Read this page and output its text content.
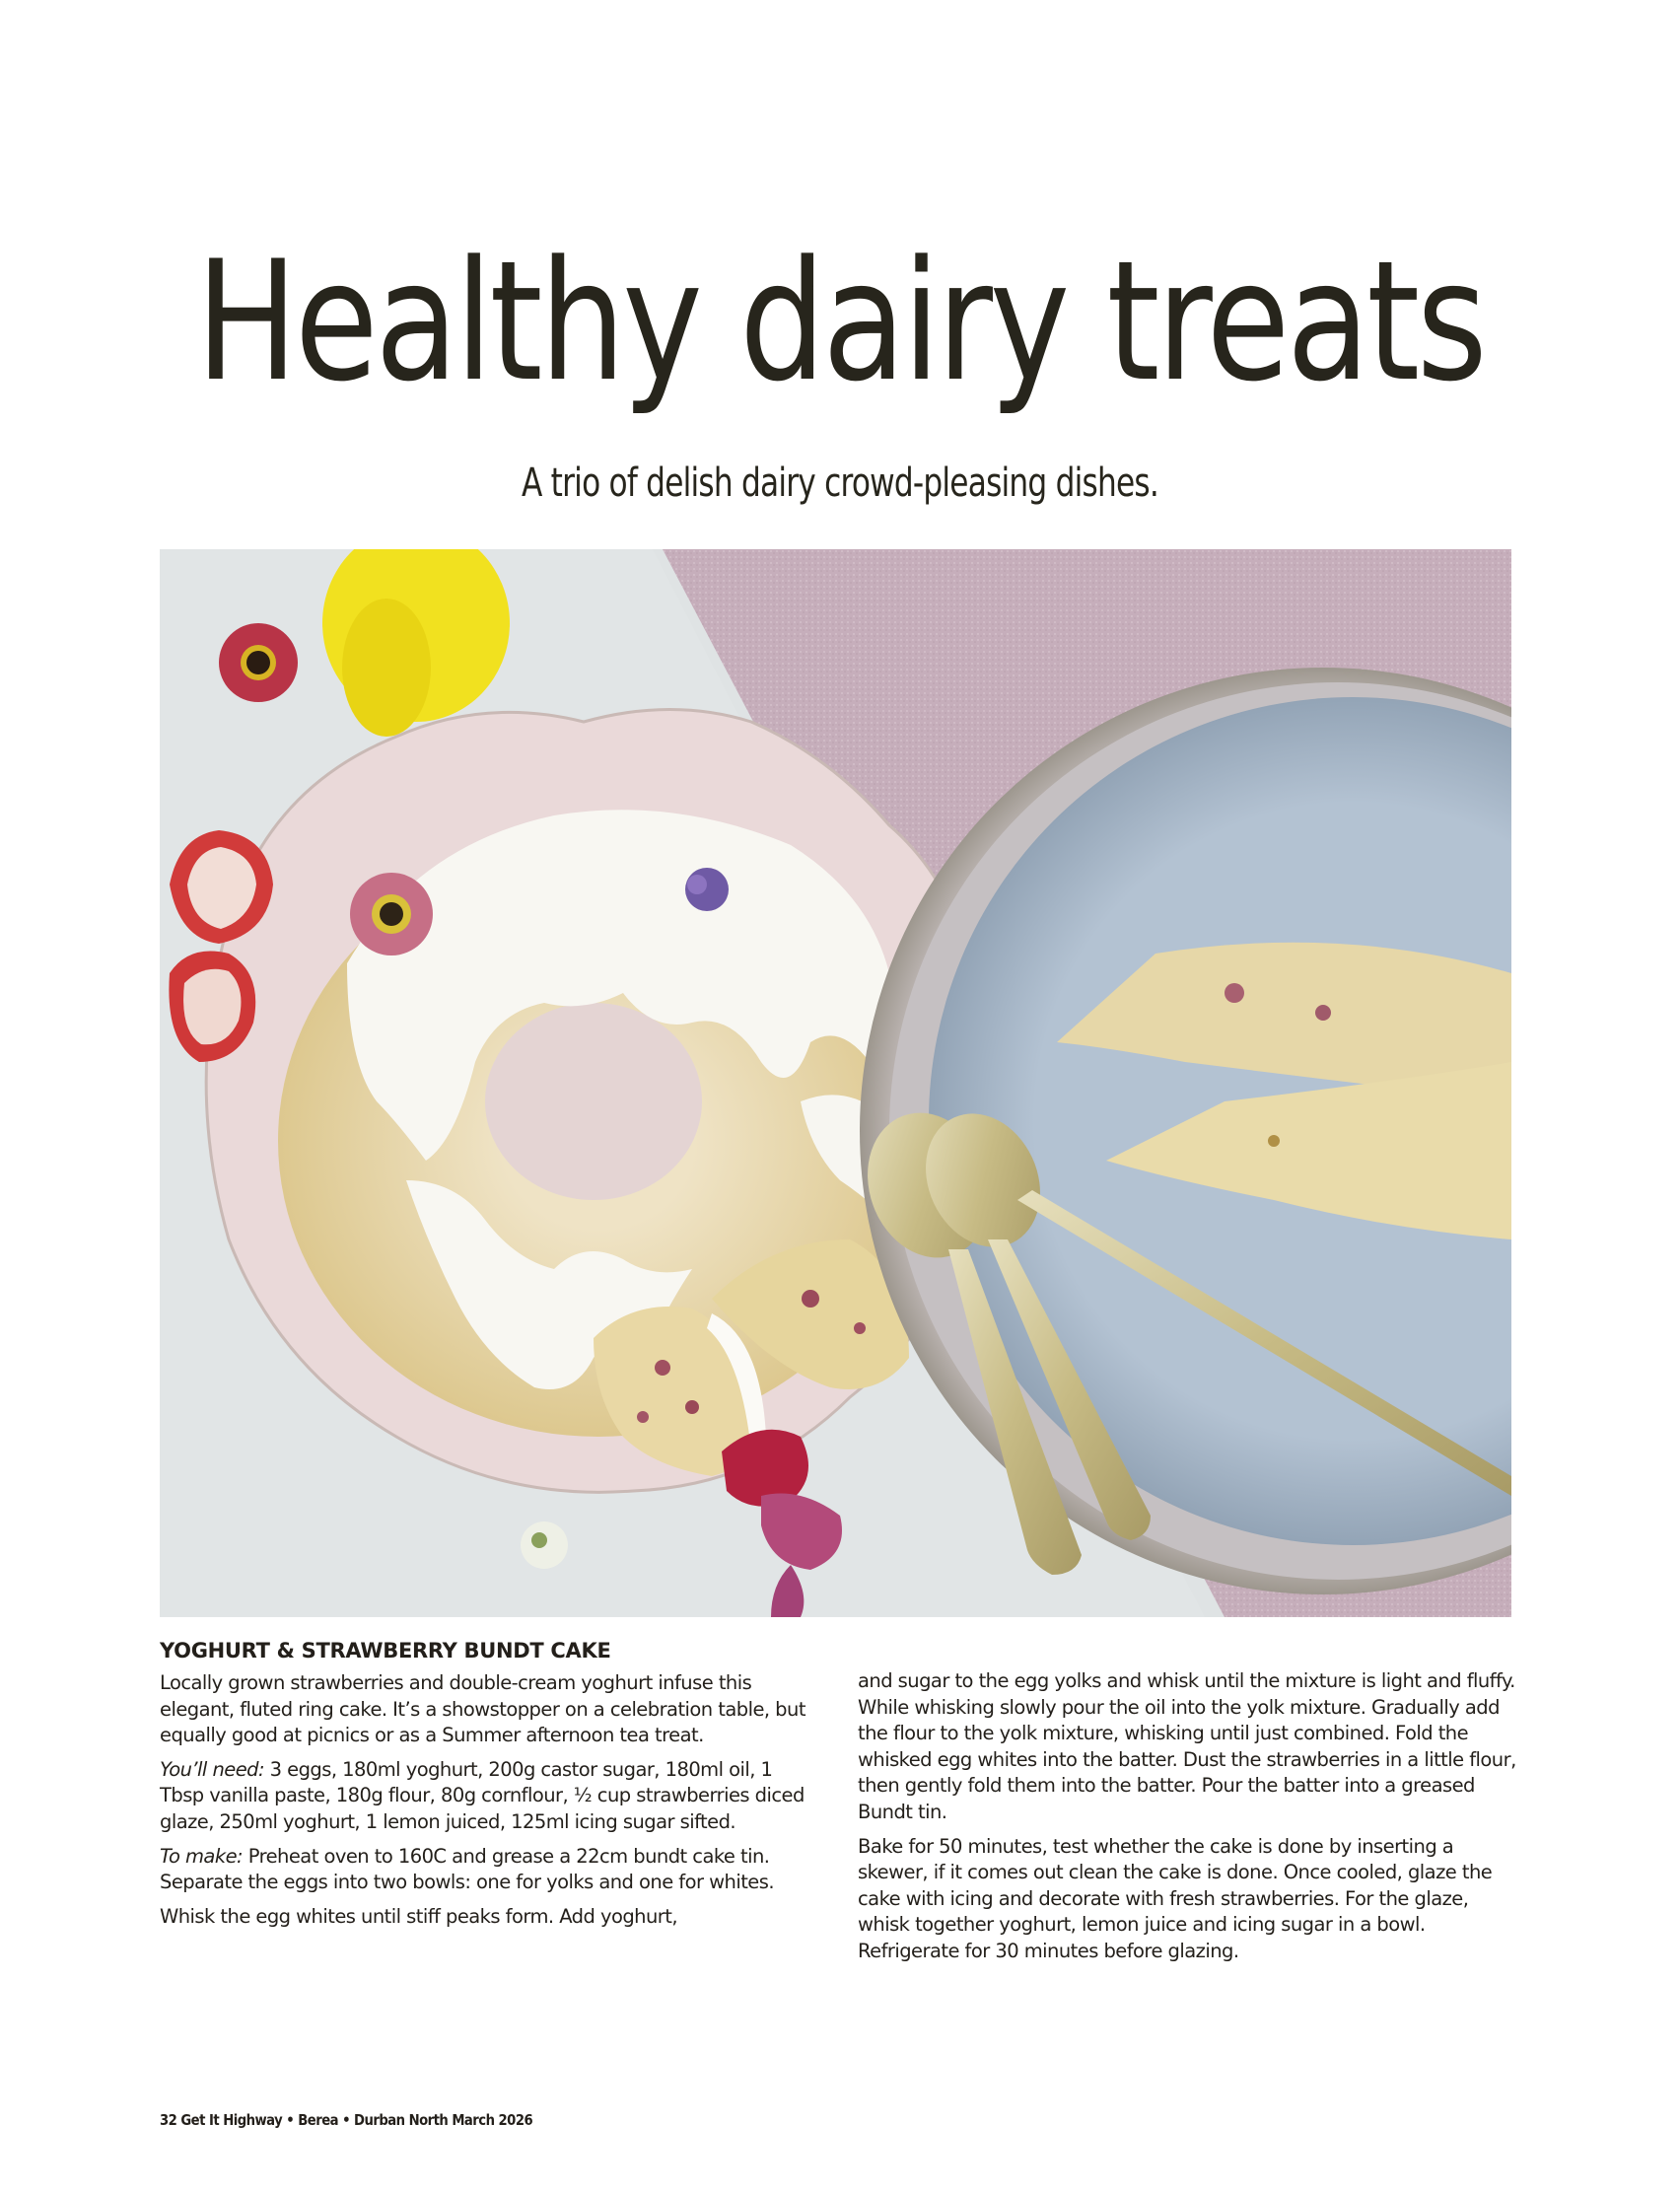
Healthy dairy treats
A trio of delish dairy crowd-pleasing dishes.
YOGHURT & STRAWBERRY BUNDT CAKE

Locally grown strawberries and double-cream yoghurt infuse this elegant, fluted ring cake. It’s a showstopper on a celebration table, but equally good at picnics or as a Summer afternoon tea treat.

You’ll need: 3 eggs, 180ml yoghurt, 200g castor sugar, 180ml oil, 1 Tbsp vanilla paste, 180g flour, 80g cornflour, ½ cup strawberries diced glaze, 250ml yoghurt, 1 lemon juiced, 125ml icing sugar sifted.

To make: Preheat oven to 160C and grease a 22cm bundt cake tin. Separate the eggs into two bowls: one for yolks and one for whites.

Whisk the egg whites until stiff peaks form. Add yoghurt,

and sugar to the egg yolks and whisk until the mixture is light and fluffy. While whisking slowly pour the oil into the yolk mixture. Gradually add the flour to the yolk mixture, whisking until just combined. Fold the whisked egg whites into the batter. Dust the strawberries in a little flour, then gently fold them into the batter. Pour the batter into a greased Bundt tin.

Bake for 50 minutes, test whether the cake is done by inserting a skewer, if it comes out clean the cake is done. Once cooled, glaze the cake with icing and decorate with fresh strawberries. For the glaze, whisk together yoghurt, lemon juice and icing sugar in a bowl. Refrigerate for 30 minutes before glazing.

32 Get It Highway • Berea • Durban North March 2026
